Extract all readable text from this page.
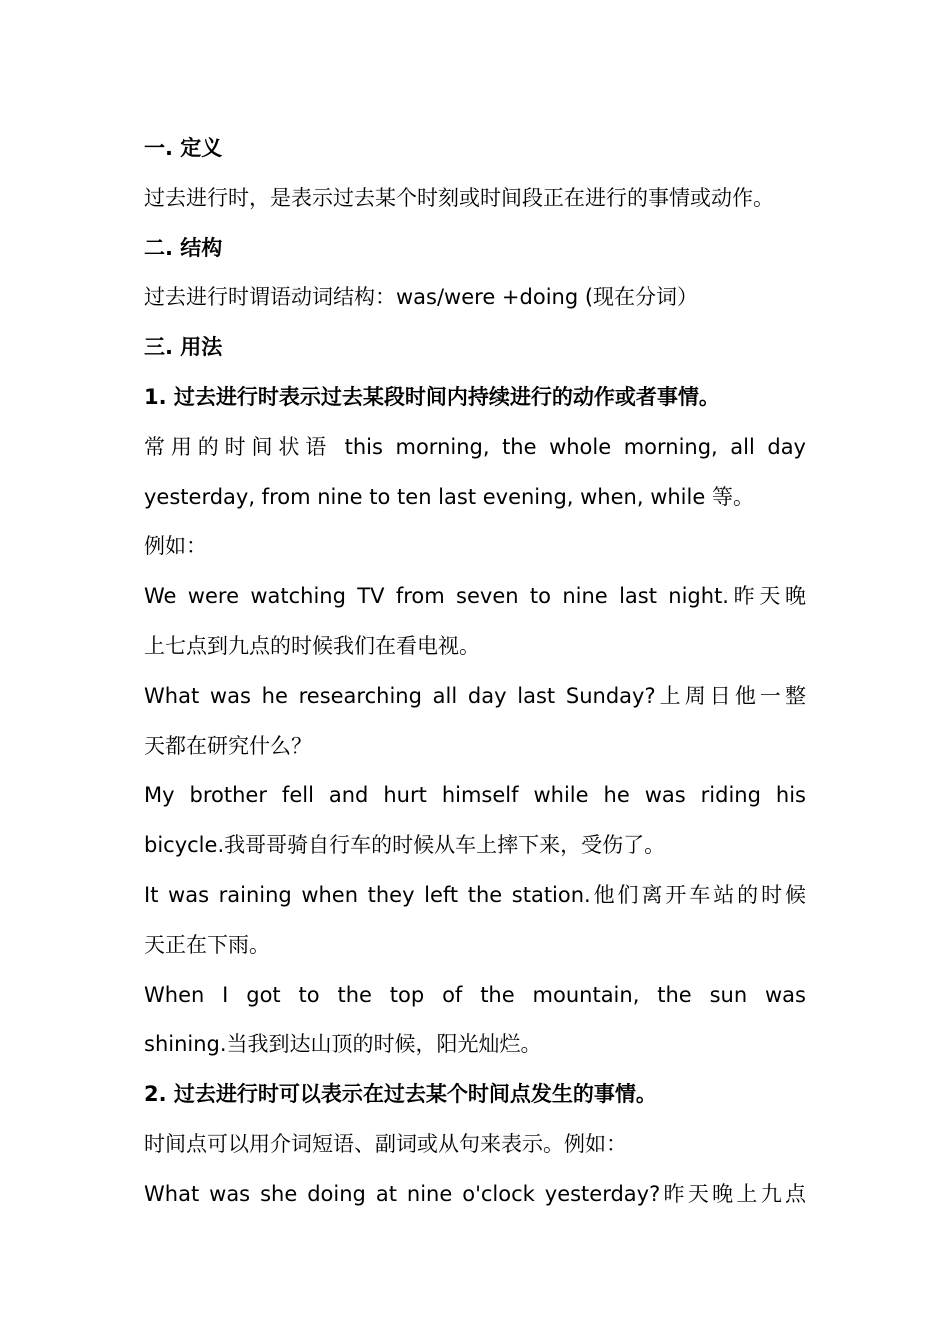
一. 定义
过去进行时，是表示过去某个时刻或时间段正在进行的事情或动作。
二. 结构
过去进行时谓语动词结构：was/were +doing (现在分词）
三. 用法
1. 过去进行时表示过去某段时间内持续进行的动作或者事情。
常用的时间状语 this morning, the whole morning, all day
yesterday, from nine to ten last evening, when, while 等。
例如：
We were watching TV from seven to nine last night.昨天晚
上七点到九点的时候我们在看电视。
What was he researching all day last Sunday?上周日他一整
天都在研究什么？
My brother fell and hurt himself while he was riding his
bicycle.我哥哥骑自行车的时候从车上摔下来，受伤了。
It was raining when they left the station.他们离开车站的时候
天正在下雨。
When I got to the top of the mountain, the sun was
shining.当我到达山顶的时候，阳光灿烂。
2. 过去进行时可以表示在过去某个时间点发生的事情。
时间点可以用介词短语、副词或从句来表示。例如：
What was she doing at nine o'clock yesterday?昨天晚上九点
